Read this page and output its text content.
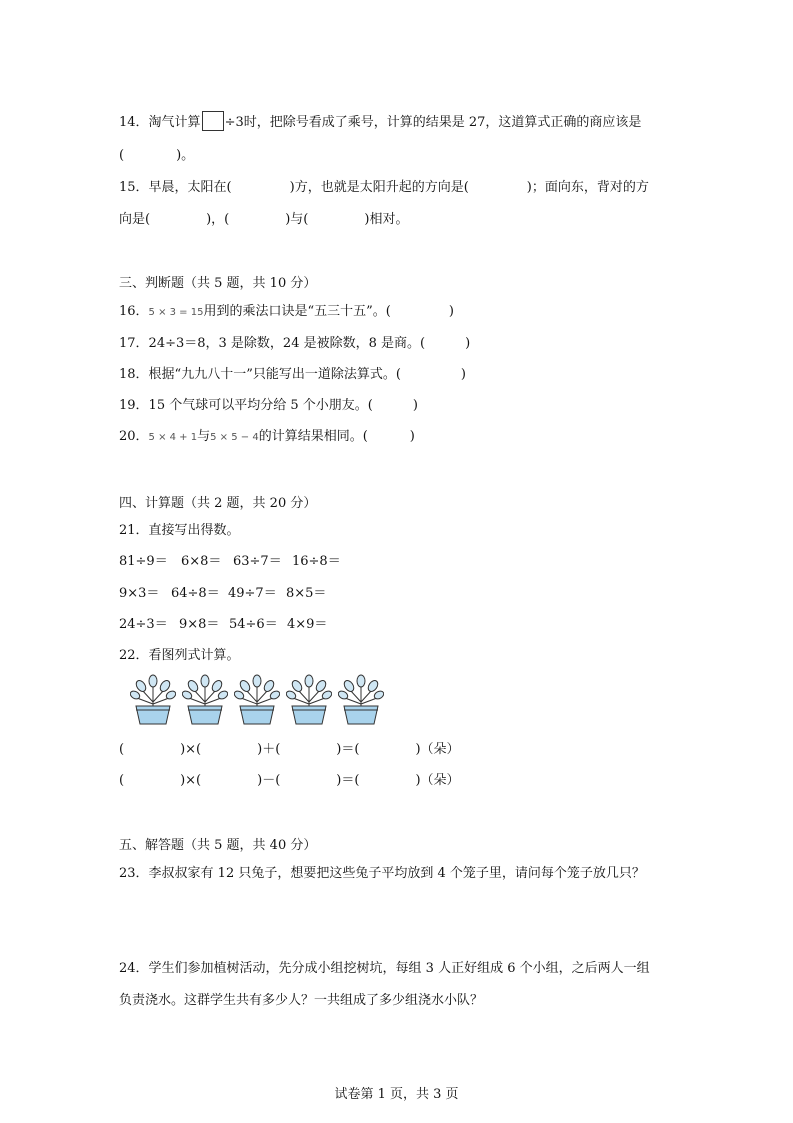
14．淘气计算 ÷3时，把除号看成了乘号，计算的结果是 27，这道算式正确的商应该是
(　　　　)。
15．早晨，太阳在(	)方，也就是太阳升起的方向是(	)；面向东，背对的方
向是(	)，(	)与(	)相对。
三、判断题（共 5 题，共 10 分）
16．5 × 3 = 15用到的乘法口诀是“五三十五”。(	)
17．24÷3＝8，3 是除数，24 是被除数，8 是商。(	)
18．根据“九九八十一”只能写出一道除法算式。(	)
19．15 个气球可以平均分给 5 个小朋友。(	)
20．5 × 4 + 1与5 × 5 − 4的计算结果相同。(	)
四、计算题（共 2 题，共 20 分）
21．直接写出得数。
81÷9＝ 6×8＝ 63÷7＝ 16÷8＝
9×3＝ 64÷8＝ 49÷7＝ 8×5＝
24÷3＝ 9×8＝ 54÷6＝ 4×9＝
22．看图列式计算。
(	)×(	)＋(	)＝(	)（朵）
(	)×(	)－(	)＝(	)（朵）
五、解答题（共 5 题，共 40 分）
23．李叔叔家有 12 只兔子，想要把这些兔子平均放到 4 个笼子里，请问每个笼子放几只？
24．学生们参加植树活动，先分成小组挖树坑，每组 3 人正好组成 6 个小组，之后两人一组
负责浇水。这群学生共有多少人？一共组成了多少组浇水小队？
试卷第 1 页，共 3 页
